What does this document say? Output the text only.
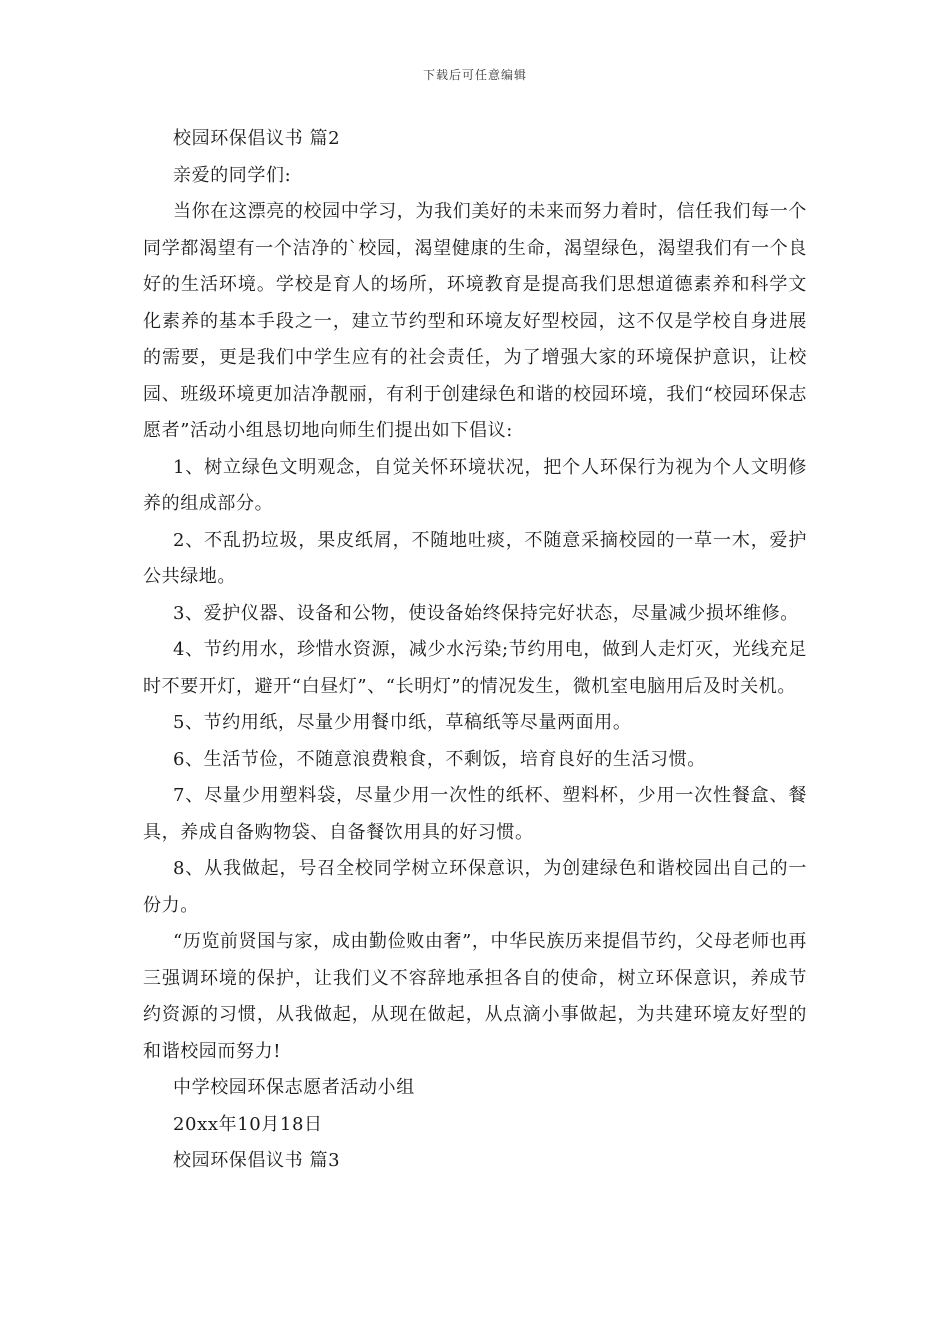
下载后可任意编辑

校园环保倡议书 篇2

亲爱的同学们:

当你在这漂亮的校园中学习，为我们美好的未来而努力着时，信任我们每一个同学都渴望有一个洁净的`校园，渴望健康的生命，渴望绿色，渴望我们有一个良好的生活环境。学校是育人的场所，环境教育是提高我们思想道德素养和科学文化素养的基本手段之一，建立节约型和环境友好型校园，这不仅是学校自身进展的需要，更是我们中学生应有的社会责任，为了增强大家的环境保护意识，让校园、班级环境更加洁净靓丽，有利于创建绿色和谐的校园环境，我们“校园环保志愿者”活动小组恳切地向师生们提出如下倡议:

1、树立绿色文明观念，自觉关怀环境状况，把个人环保行为视为个人文明修养的组成部分。

2、不乱扔垃圾，果皮纸屑，不随地吐痰，不随意采摘校园的一草一木，爱护公共绿地。

3、爱护仪器、设备和公物，使设备始终保持完好状态，尽量减少损坏维修。

4、节约用水，珍惜水资源，减少水污染;节约用电，做到人走灯灭，光线充足时不要开灯，避开“白昼灯”、“长明灯”的情况发生，微机室电脑用后及时关机。

5、节约用纸，尽量少用餐巾纸，草稿纸等尽量两面用。

6、生活节俭，不随意浪费粮食，不剩饭，培育良好的生活习惯。

7、尽量少用塑料袋，尽量少用一次性的纸杯、塑料杯，少用一次性餐盒、餐具，养成自备购物袋、自备餐饮用具的好习惯。

8、从我做起，号召全校同学树立环保意识，为创建绿色和谐校园出自己的一份力。

“历览前贤国与家，成由勤俭败由奢”，中华民族历来提倡节约，父母老师也再三强调环境的保护，让我们义不容辞地承担各自的使命，树立环保意识，养成节约资源的习惯，从我做起，从现在做起，从点滴小事做起，为共建环境友好型的和谐校园而努力!

中学校园环保志愿者活动小组

20xx年10月18日

校园环保倡议书 篇3
